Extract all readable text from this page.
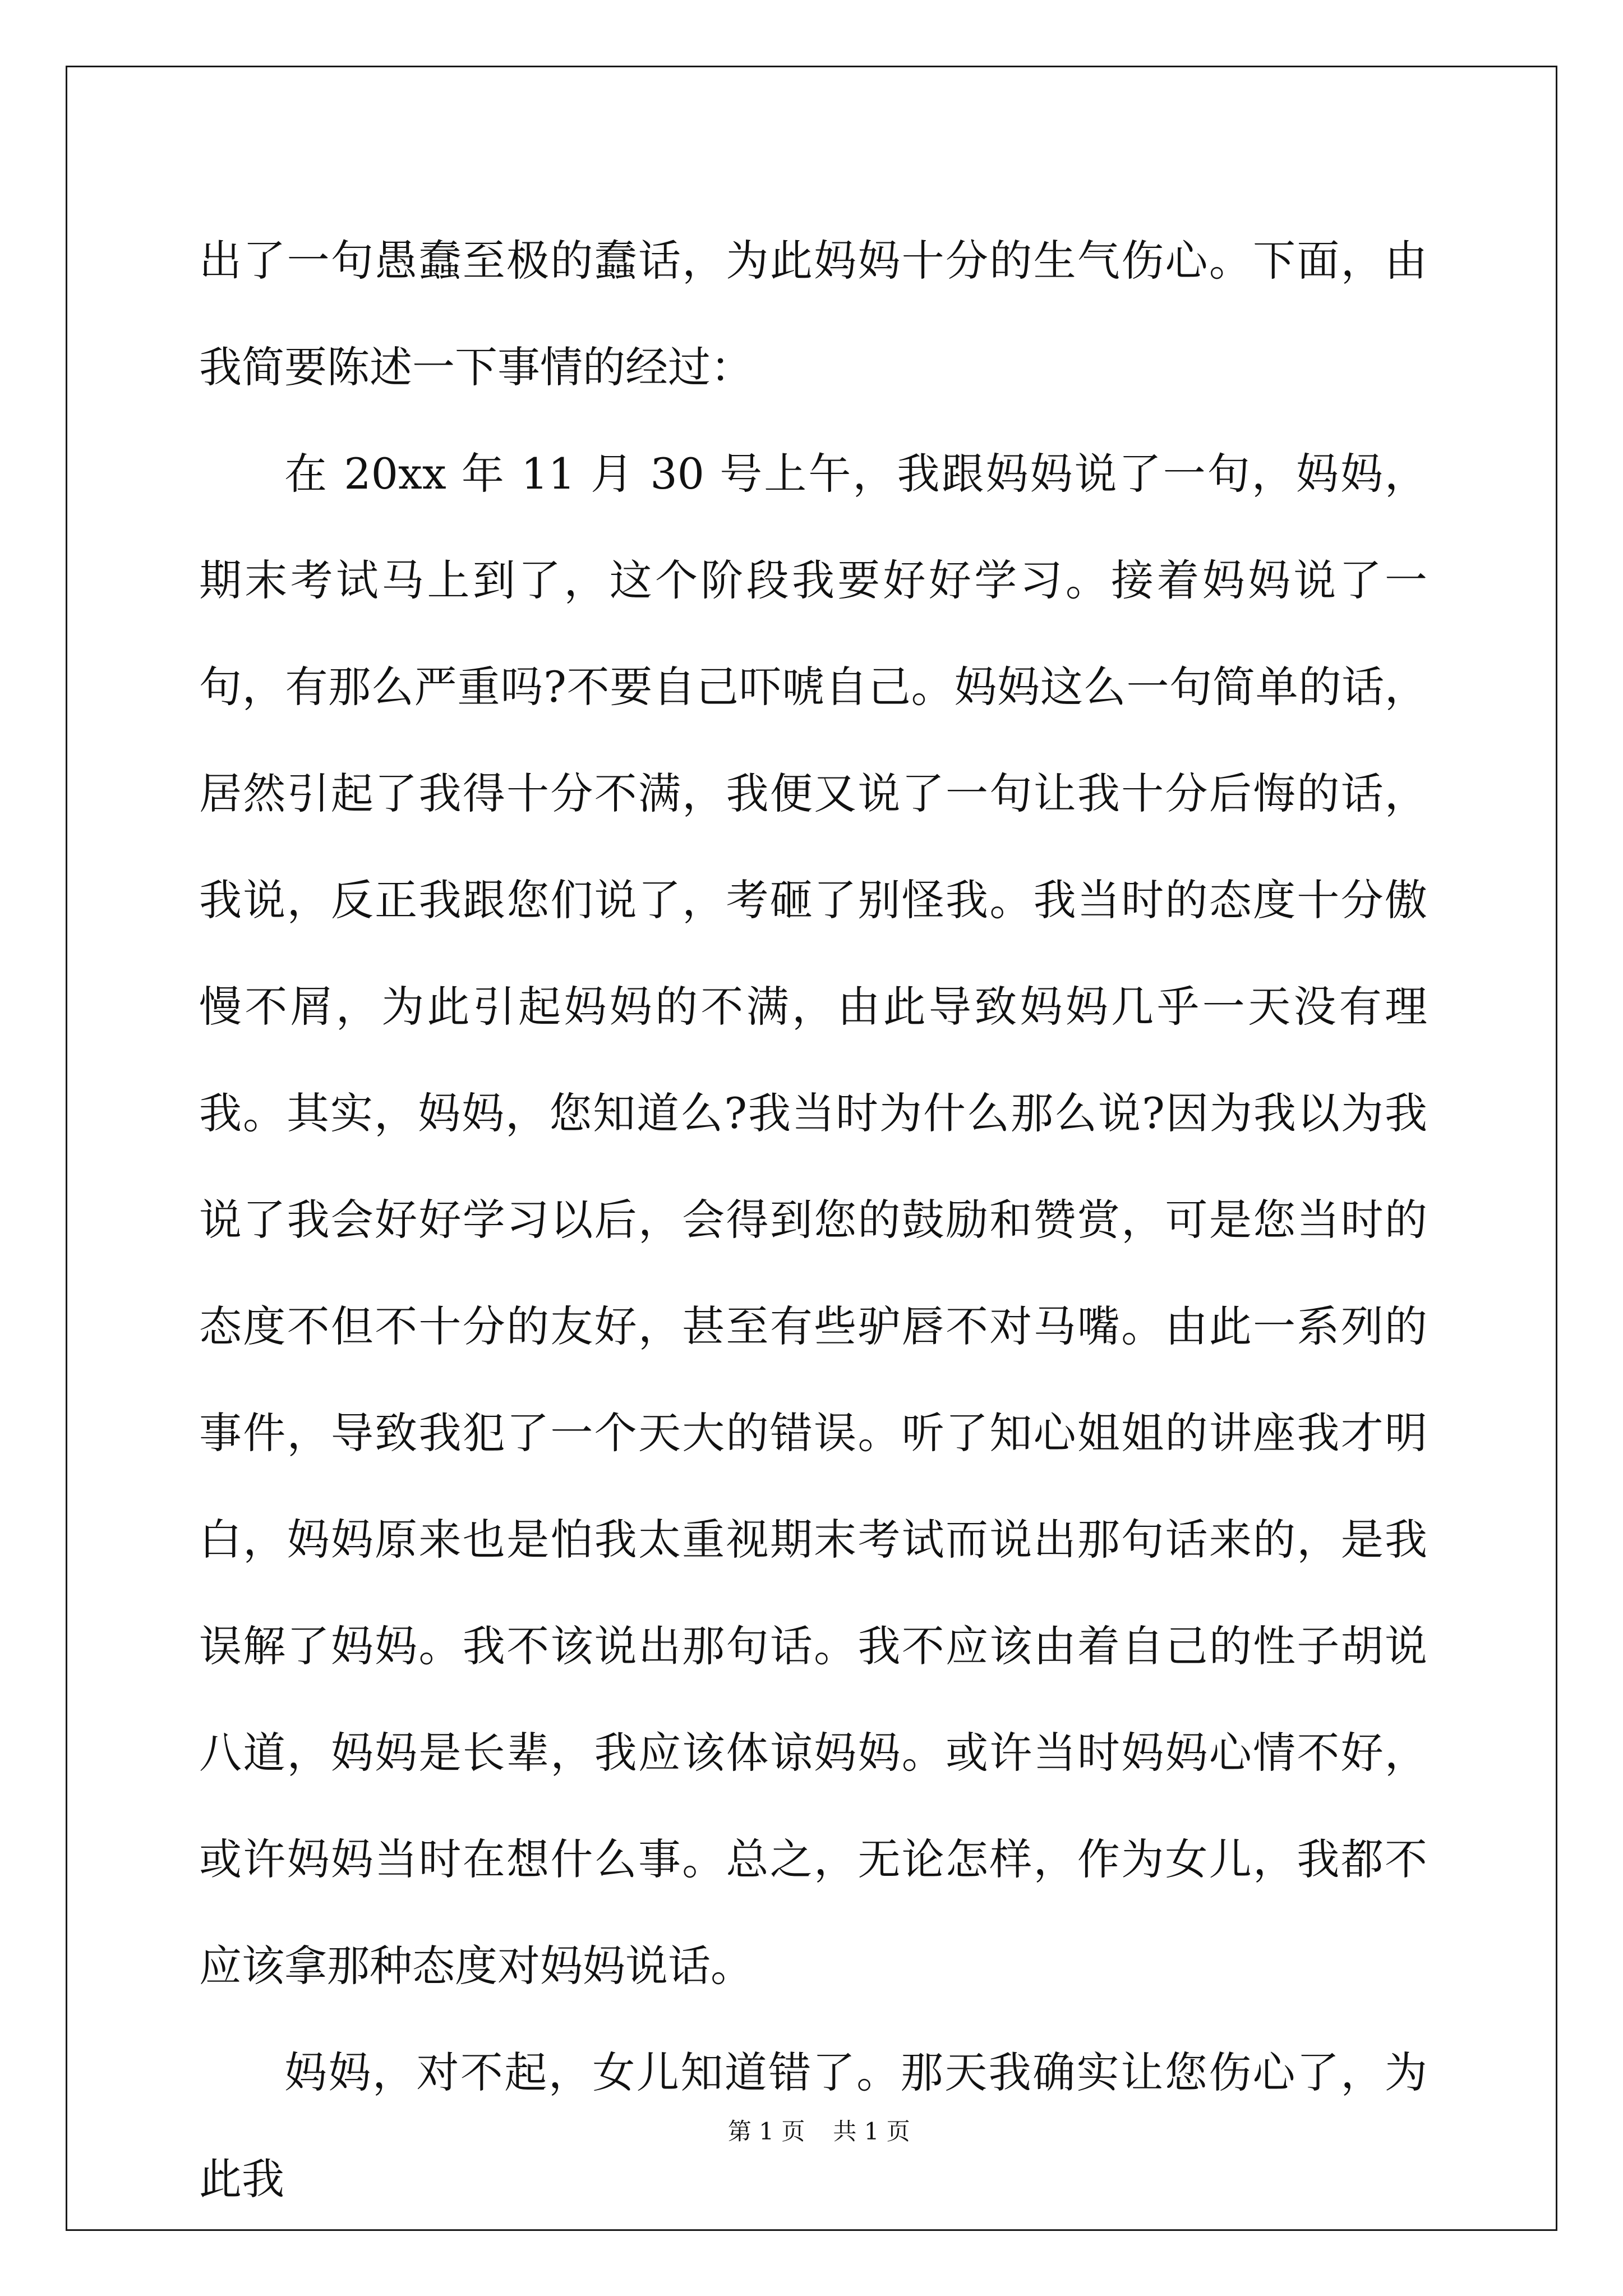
出了一句愚蠢至极的蠢话，为此妈妈十分的生气伤心。下面，由我简要陈述一下事情的经过：

在 20xx 年 11 月 30 号上午，我跟妈妈说了一句，妈妈，期末考试马上到了，这个阶段我要好好学习。接着妈妈说了一句，有那么严重吗?不要自己吓唬自己。妈妈这么一句简单的话，居然引起了我得十分不满，我便又说了一句让我十分后悔的话，我说，反正我跟您们说了，考砸了别怪我。我当时的态度十分傲慢不屑，为此引起妈妈的不满，由此导致妈妈几乎一天没有理我。其实，妈妈，您知道么?我当时为什么那么说?因为我以为我说了我会好好学习以后，会得到您的鼓励和赞赏，可是您当时的态度不但不十分的友好，甚至有些驴唇不对马嘴。由此一系列的事件，导致我犯了一个天大的错误。听了知心姐姐的讲座我才明白，妈妈原来也是怕我太重视期末考试而说出那句话来的，是我误解了妈妈。我不该说出那句话。我不应该由着自己的性子胡说八道，妈妈是长辈，我应该体谅妈妈。或许当时妈妈心情不好，或许妈妈当时在想什么事。总之，无论怎样，作为女儿，我都不应该拿那种态度对妈妈说话。

妈妈，对不起，女儿知道错了。那天我确实让您伤心了，为此我

第 1 页 共 1 页
